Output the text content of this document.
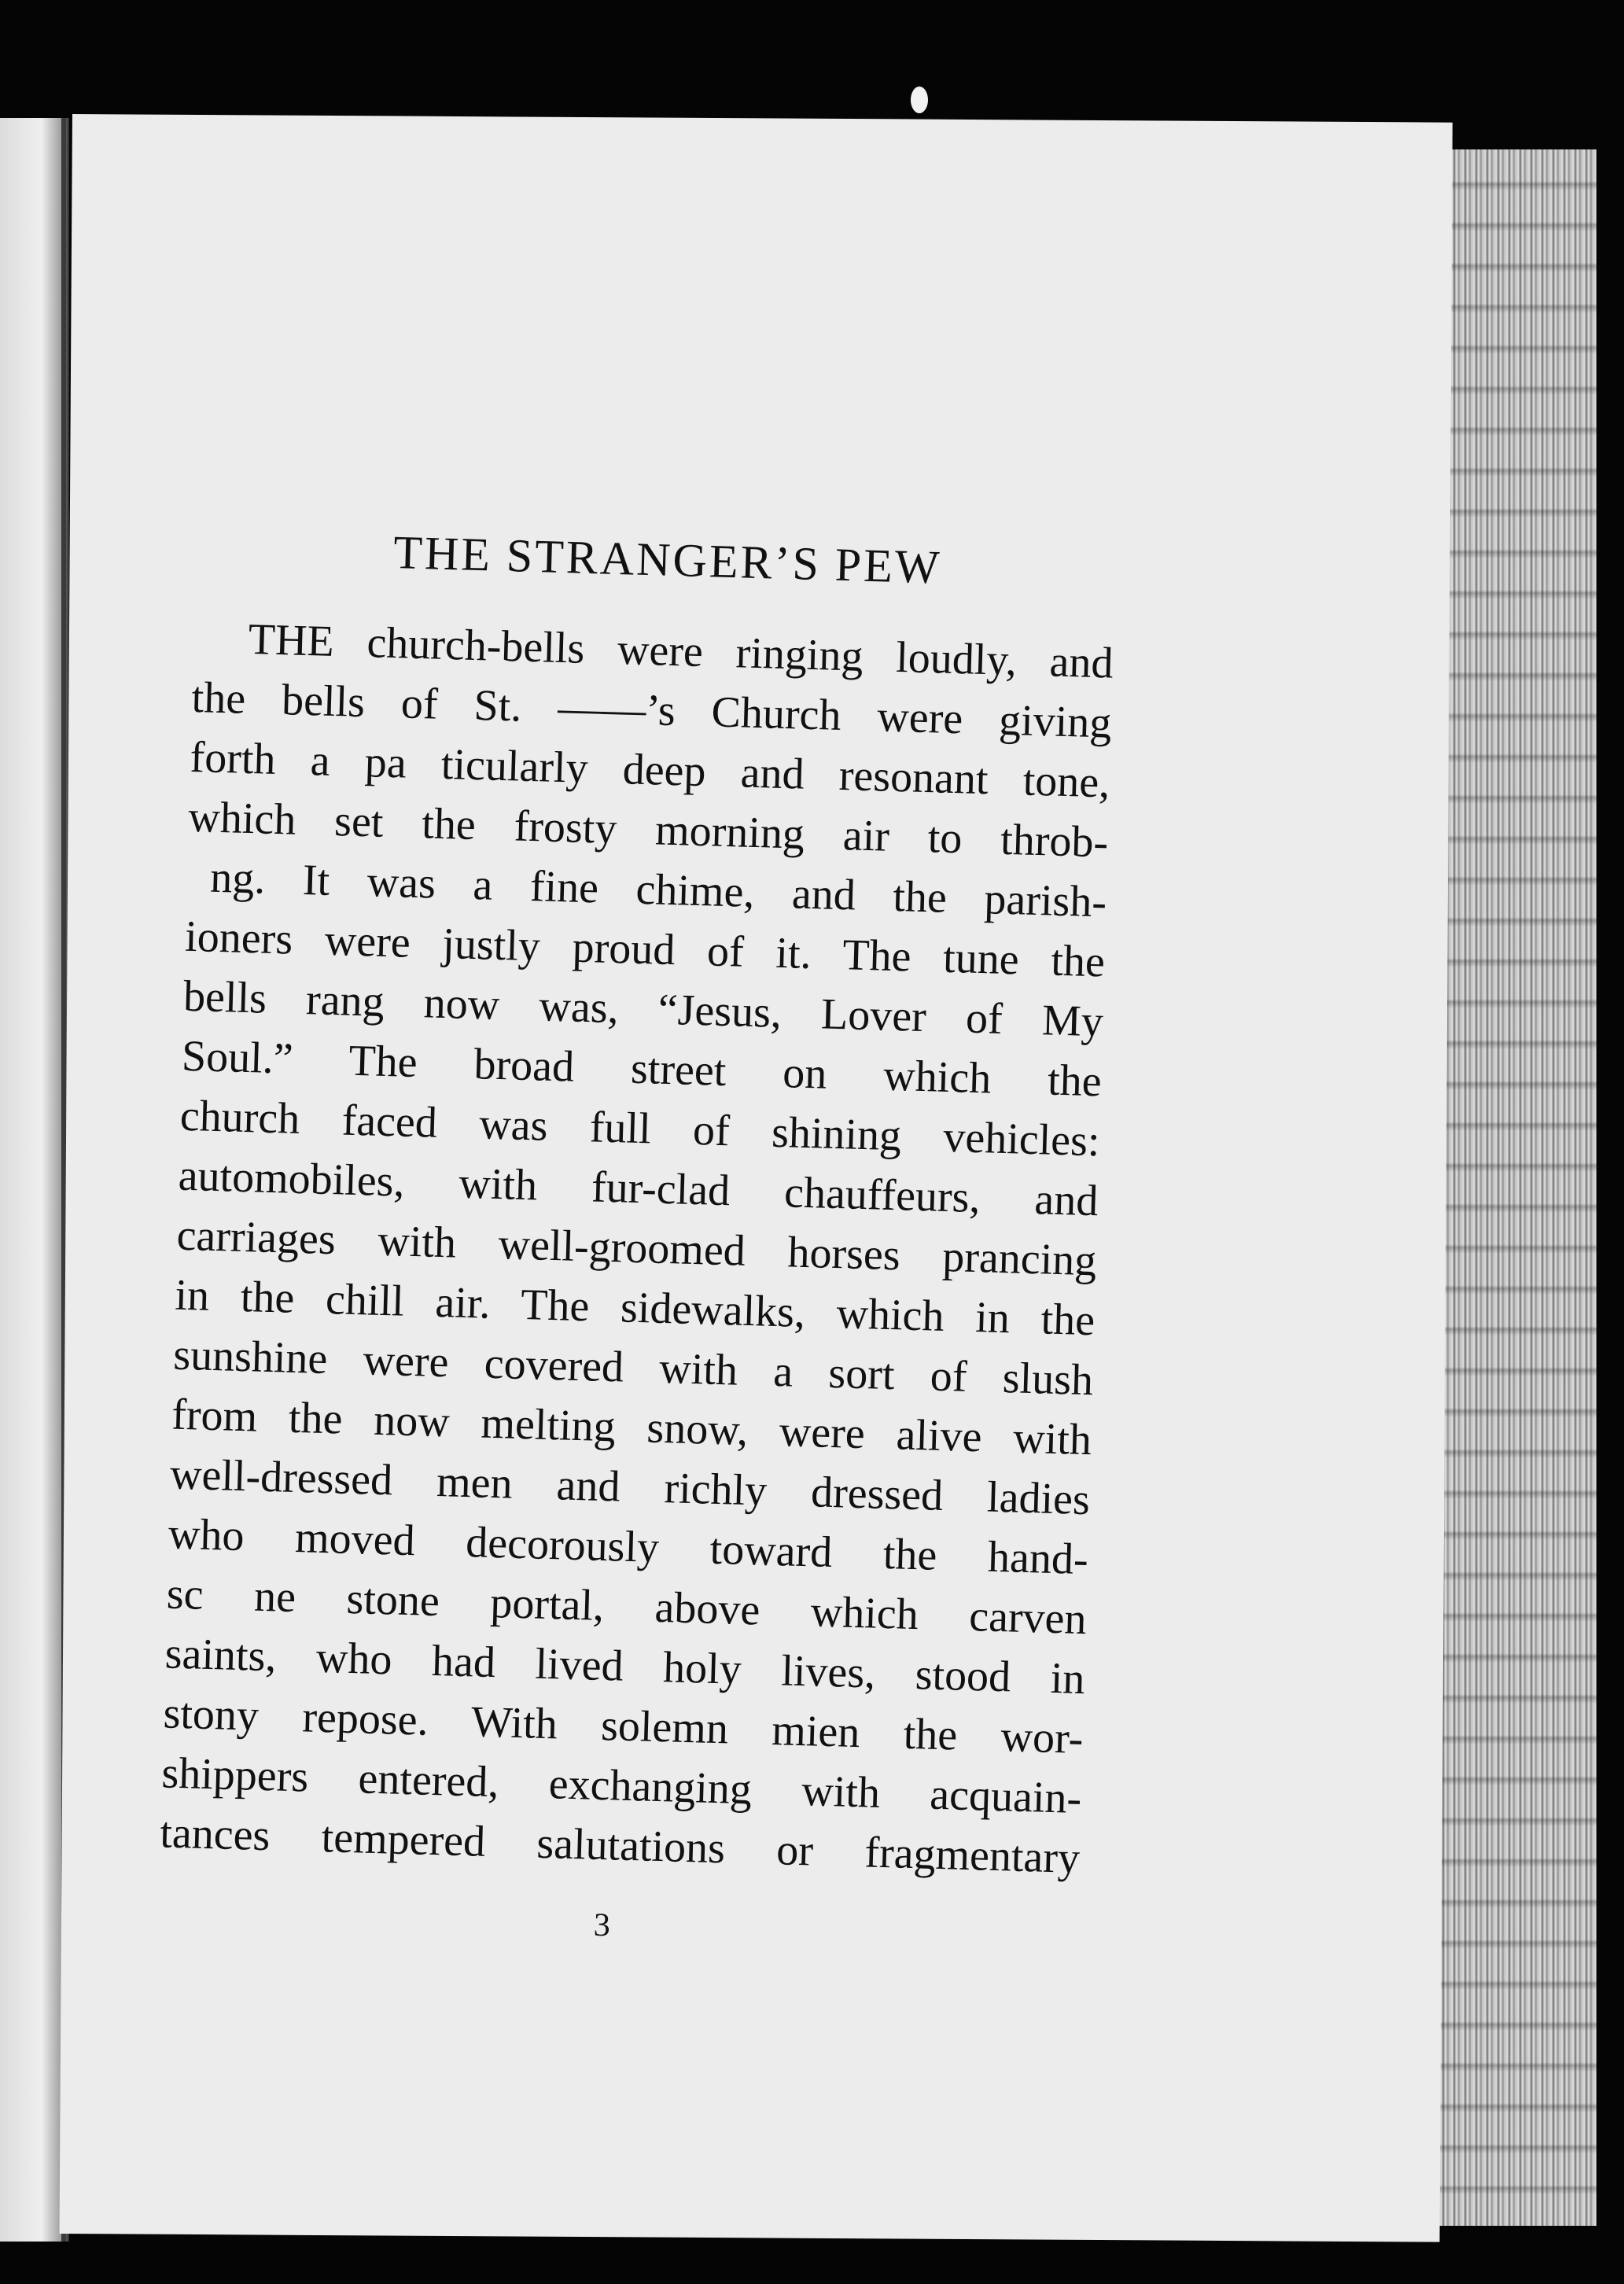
THE STRANGER’S PEW
THE church-bells were ringing loudly, and
the bells of St. ——’s Church were giving
forth a pa ticularly deep and resonant tone,
which set the frosty morning air to throb-
ng. It was a fine chime, and the parish-
ioners were justly proud of it. The tune the
bells rang now was, “Jesus, Lover of My
Soul.” The broad street on which the
church faced was full of shining vehicles:
automobiles, with fur-clad chauffeurs, and
carriages with well-groomed horses prancing
in the chill air. The sidewalks, which in the
sunshine were covered with a sort of slush
from the now melting snow, were alive with
well-dressed men and richly dressed ladies
who moved decorously toward the hand-
sc ne stone portal, above which carven
saints, who had lived holy lives, stood in
stony repose. With solemn mien the wor-
shippers entered, exchanging with acquain-
tances tempered salutations or fragmentary
3
